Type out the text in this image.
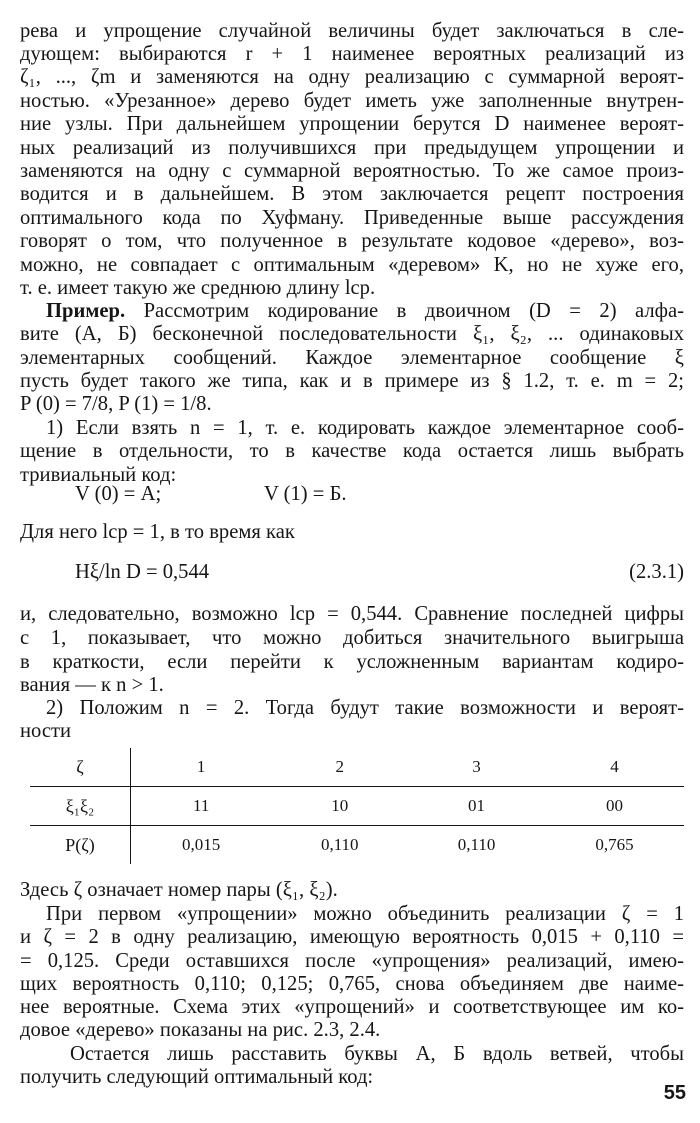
рева и упрощение случайной величины будет заключаться в сле-
дующем: выбираются r + 1 наименее вероятных реализаций из
ζ₁, ..., ζm и заменяются на одну реализацию с суммарной вероят-
ностью. «Урезанное» дерево будет иметь уже заполненные внутрен-
ние узлы. При дальнейшем упрощении берутся D наименее вероят-
ных реализаций из получившихся при предыдущем упрощении и
заменяются на одну с суммарной вероятностью. То же самое произ-
водится и в дальнейшем. В этом заключается рецепт построения
оптимального кода по Хуфману. Приведенные выше рассуждения
говорят о том, что полученное в результате кодовое «дерево», воз-
можно, не совпадает с оптимальным «деревом» K, но не хуже его,
т. е. имеет такую же среднюю длину lср.
Пример. Рассмотрим кодирование в двоичном (D = 2) алфа-
вите (А, Б) бесконечной последовательности ξ₁, ξ₂, ... одинаковых
элементарных сообщений. Каждое элементарное сообщение ξ
пусть будет такого же типа, как и в примере из § 1.2, т. е. m = 2;
P (0) = 7/8, P (1) = 1/8.
1) Если взять n = 1, т. е. кодировать каждое элементарное сооб-
щение в отдельности, то в качестве кода остается лишь выбрать
тривиальный код:
V (0) = А;	V (1) = Б.
Для него lср = 1, в то время как
Hξ/ln D = 0,544	(2.3.1)
и, следовательно, возможно lср = 0,544. Сравнение последней цифры
с 1, показывает, что можно добиться значительного выигрыша
в краткости, если перейти к усложненным вариантам кодиро-
вания — к n > 1.
2) Положим n = 2. Тогда будут такие возможности и вероят-
ности
ζ	1	2	3	4
ξ₁ξ₂	11	10	01	00
P(ζ)	0,015	0,110	0,110	0,765
Здесь ζ означает номер пары (ξ₁, ξ₂).
При первом «упрощении» можно объединить реализации ζ = 1
и ζ = 2 в одну реализацию, имеющую вероятность 0,015 + 0,110 =
= 0,125. Среди оставшихся после «упрощения» реализаций, имею-
щих вероятность 0,110; 0,125; 0,765, снова объединяем две наиме-
нее вероятные. Схема этих «упрощений» и соответствующее им ко-
довое «дерево» показаны на рис. 2.3, 2.4.
Остается лишь расставить буквы А, Б вдоль ветвей, чтобы
получить следующий оптимальный код:
55
